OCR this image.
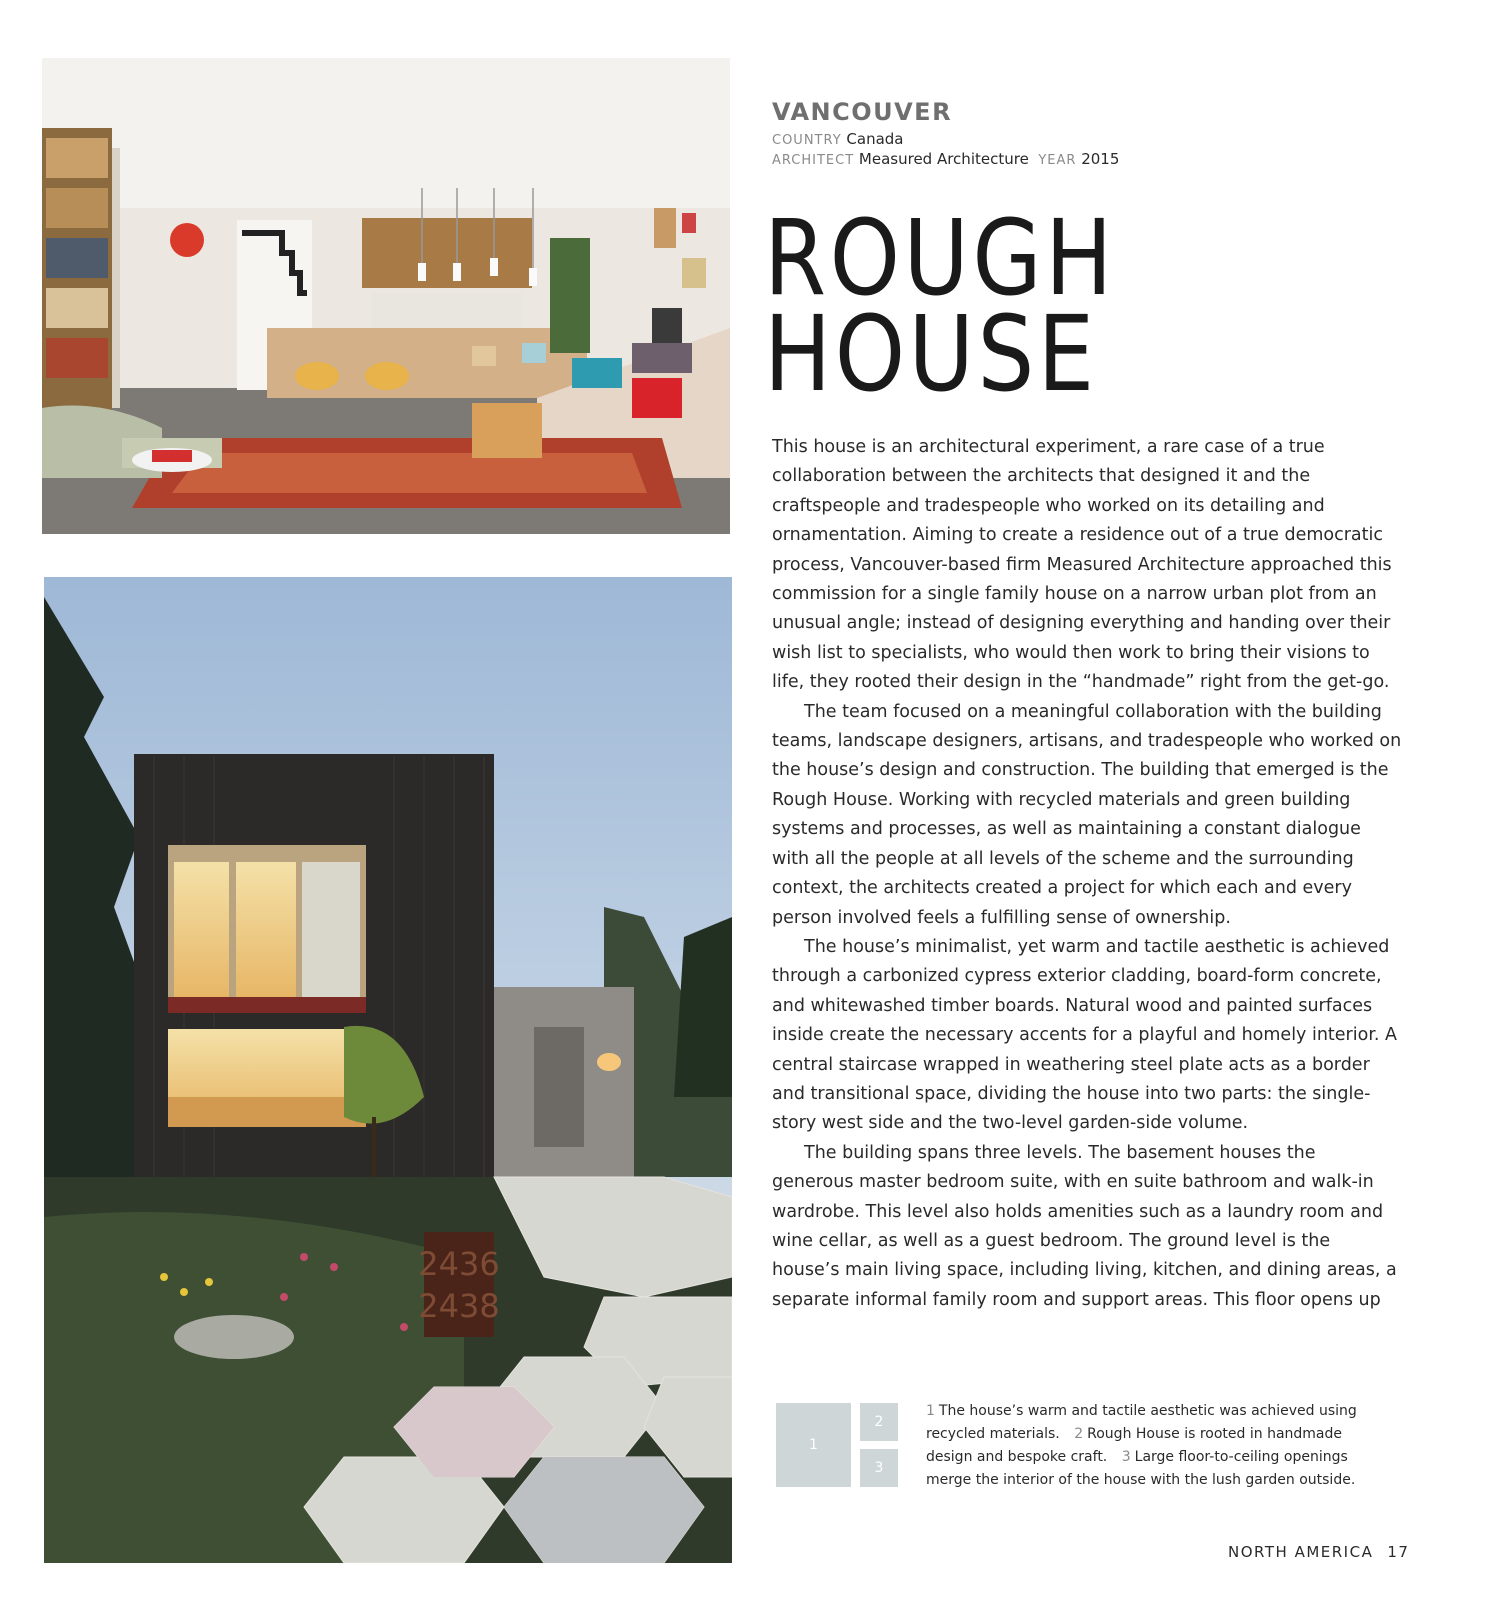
2436
2438
VANCOUVER
COUNTRY Canada
ARCHITECT Measured Architecture YEAR 2015
ROUGH
HOUSE

This house is an architectural experiment, a rare case of a true collaboration between the architects that designed it and the craftspeople and tradespeople who worked on its detailing and ornamentation. Aiming to create a residence out of a true democratic process, Vancouver-based firm Measured Architecture approached this commission for a single family house on a narrow urban plot from an unusual angle; instead of designing everything and handing over their wish list to specialists, who would then work to bring their visions to life, they rooted their design in the “handmade” right from the get-go.

The team focused on a meaningful collaboration with the building teams, landscape designers, artisans, and tradespeople who worked on the house’s design and construction. The building that emerged is the Rough House. Working with recycled materials and green building systems and processes, as well as maintaining a constant dialogue with all the people at all levels of the scheme and the surrounding context, the architects created a project for which each and every person involved feels a fulfilling sense of ownership.

The house’s minimalist, yet warm and tactile aesthetic is achieved through a carbonized cypress exterior cladding, board-form concrete, and whitewashed timber boards. Natural wood and painted surfaces inside create the necessary accents for a playful and homely interior. A central staircase wrapped in weathering steel plate acts as a border and transitional space, dividing the house into two parts: the single-story west side and the two-level garden-side volume.

The building spans three levels. The basement houses the generous master bedroom suite, with en suite bathroom and walk-in wardrobe. This level also holds amenities such as a laundry room and wine cellar, as well as a guest bedroom. The ground level is the house’s main living space, including living, kitchen, and dining areas, a separate informal family room and support areas. This floor opens up

1
2
3
1 The house’s warm and tactile aesthetic was achieved using recycled materials. 2 Rough House is rooted in handmade design and bespoke craft. 3 Large floor-to-ceiling openings merge the interior of the house with the lush garden outside.
NORTH AMERICA 17
